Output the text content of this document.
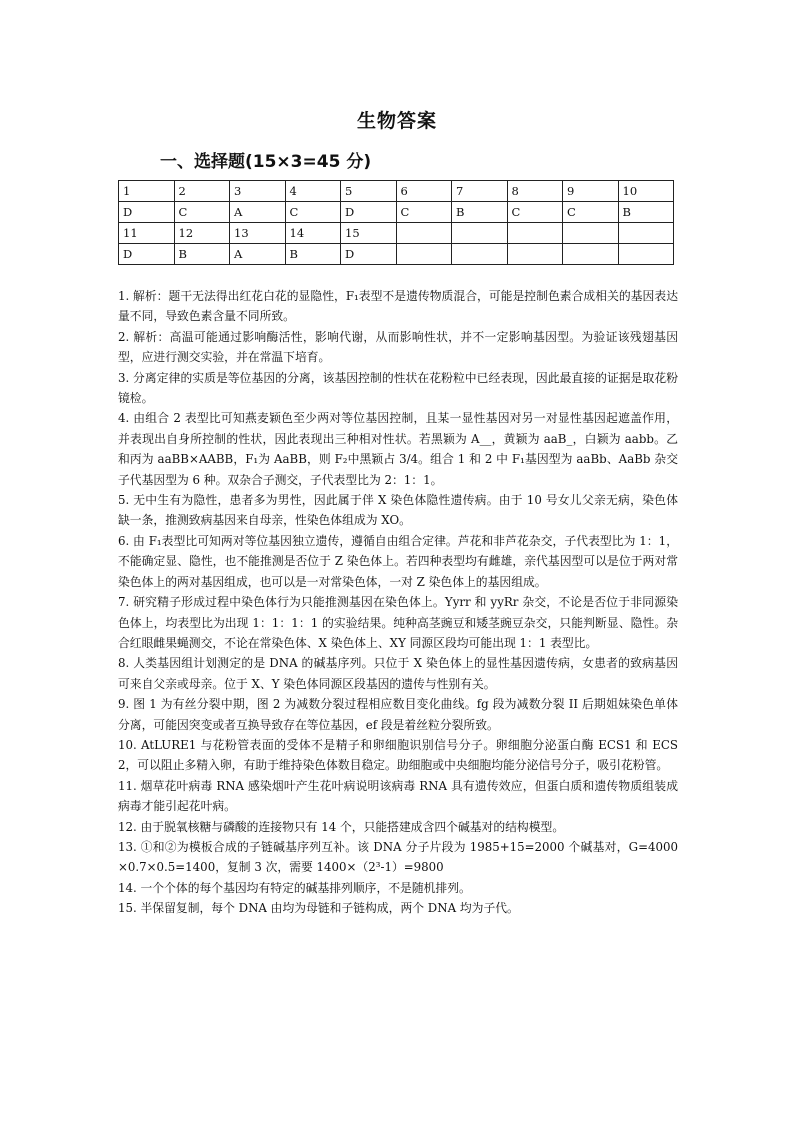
生物答案
一、选择题(15×3=45 分)
1	2	3	4	5	6	7	8	9	10
D	C	A	C	D	C	B	C	C	B
11	12	13	14	15					
D	B	A	B	D					

1. 解析：题干无法得出红花白花的显隐性，F₁表型不是遗传物质混合，可能是控制色素合成相关的基因表达量不同，导致色素含量不同所致。

2. 解析：高温可能通过影响酶活性，影响代谢，从而影响性状，并不一定影响基因型。为验证该残翅基因型，应进行测交实验，并在常温下培育。

3. 分离定律的实质是等位基因的分离，该基因控制的性状在花粉粒中已经表现，因此最直接的证据是取花粉镜检。

4. 由组合 2 表型比可知燕麦颖色至少两对等位基因控制，且某一显性基因对另一对显性基因起遮盖作用，并表现出自身所控制的性状，因此表现出三种相对性状。若黑颖为 A__，黄颖为 aaB_，白颖为 aabb。乙和丙为 aaBB×AABB，F₁为 AaBB，则 F₂中黑颖占 3/4。组合 1 和 2 中 F₁基因型为 aaBb、AaBb 杂交子代基因型为 6 种。双杂合子测交，子代表型比为 2：1：1。

5. 无中生有为隐性，患者多为男性，因此属于伴 X 染色体隐性遗传病。由于 10 号女儿父亲无病，染色体缺一条，推测致病基因来自母亲，性染色体组成为 XO。

6. 由 F₁表型比可知两对等位基因独立遗传，遵循自由组合定律。芦花和非芦花杂交，子代表型比为 1：1，不能确定显、隐性，也不能推测是否位于 Z 染色体上。若四种表型均有雌雄，亲代基因型可以是位于两对常染色体上的两对基因组成，也可以是一对常染色体，一对 Z 染色体上的基因组成。

7. 研究精子形成过程中染色体行为只能推测基因在染色体上。Yyrr 和 yyRr 杂交，不论是否位于非同源染色体上，均表型比为出现 1：1：1：1 的实验结果。纯种高茎豌豆和矮茎豌豆杂交，只能判断显、隐性。杂合红眼雌果蝇测交，不论在常染色体、X 染色体上、XY 同源区段均可能出现 1：1 表型比。

8. 人类基因组计划测定的是 DNA 的碱基序列。只位于 X 染色体上的显性基因遗传病，女患者的致病基因可来自父亲或母亲。位于 X、Y 染色体同源区段基因的遗传与性别有关。

9. 图 1 为有丝分裂中期，图 2 为减数分裂过程相应数目变化曲线。fg 段为减数分裂 II 后期姐妹染色单体分离，可能因突变或者互换导致存在等位基因，ef 段是着丝粒分裂所致。

10. AtLURE1 与花粉管表面的受体不是精子和卵细胞识别信号分子。卵细胞分泌蛋白酶 ECS1 和 ECS2，可以阻止多精入卵，有助于维持染色体数目稳定。助细胞或中央细胞均能分泌信号分子，吸引花粉管。

11. 烟草花叶病毒 RNA 感染烟叶产生花叶病说明该病毒 RNA 具有遗传效应，但蛋白质和遗传物质组装成病毒才能引起花叶病。

12. 由于脱氧核糖与磷酸的连接物只有 14 个，只能搭建成含四个碱基对的结构模型。

13. ①和②为模板合成的子链碱基序列互补。该 DNA 分子片段为 1985+15=2000 个碱基对，G=4000×0.7×0.5=1400，复制 3 次，需要 1400×（2³-1）=9800

14. 一个个体的每个基因均有特定的碱基排列顺序，不是随机排列。

15. 半保留复制，每个 DNA 由均为母链和子链构成，两个 DNA 均为子代。
